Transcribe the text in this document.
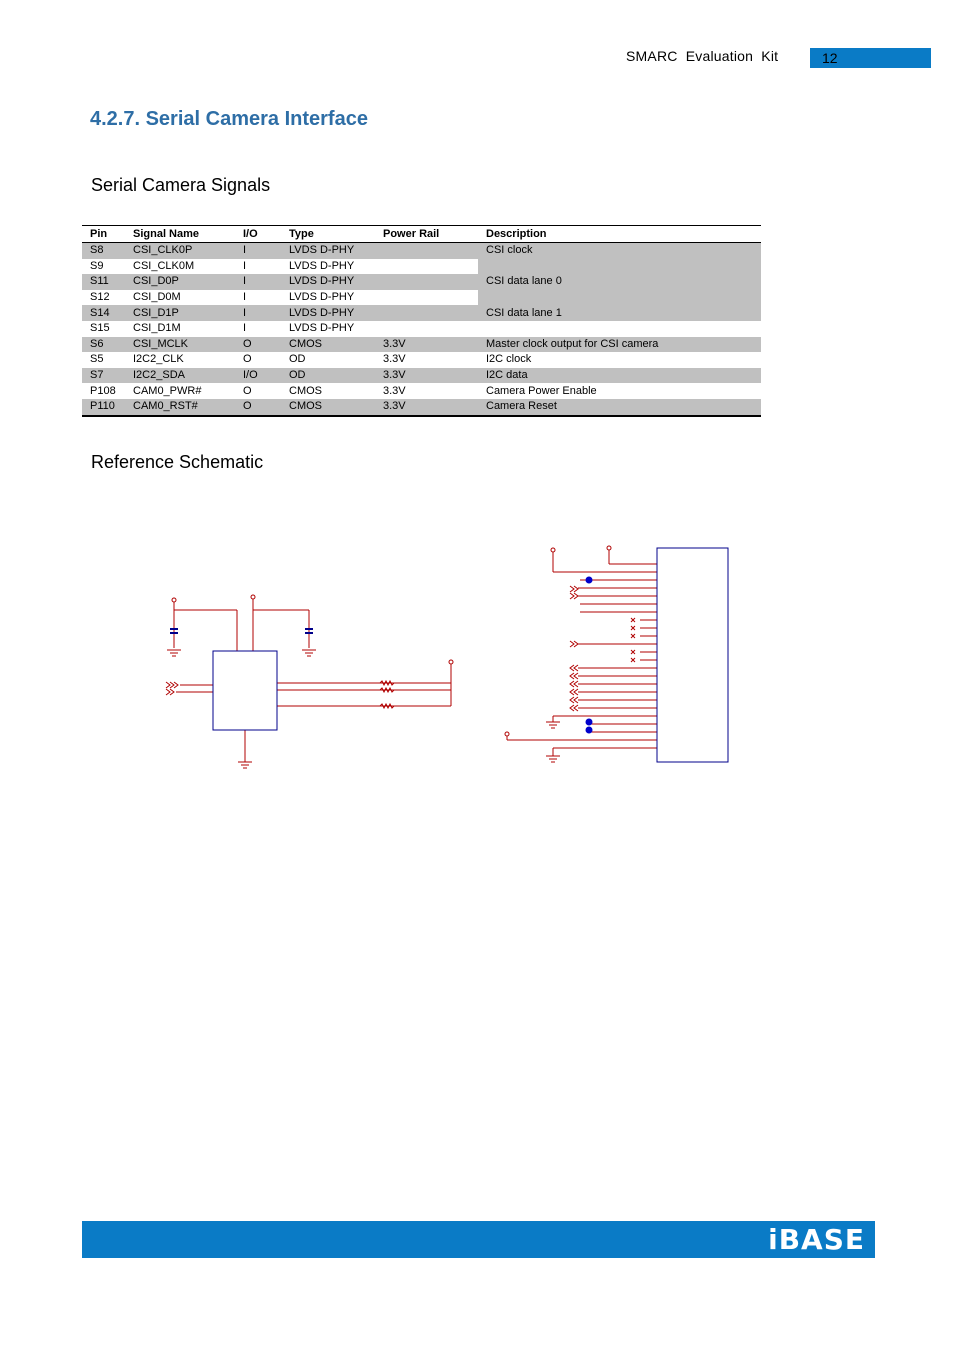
SMARC  Evaluation  Kit	12
4.2.7. Serial Camera Interface
Serial Camera Signals
Pin	Signal Name	I/O	Type	Power Rail	Description
S8	CSI_CLK0P	I	LVDS D-PHY		CSI clock
S9	CSI_CLK0M	I	LVDS D-PHY		
S11	CSI_D0P	I	LVDS D-PHY		CSI data lane 0
S12	CSI_D0M	I	LVDS D-PHY		
S14	CSI_D1P	I	LVDS D-PHY		CSI data lane 1
S15	CSI_D1M	I	LVDS D-PHY		
S6	CSI_MCLK	O	CMOS	3.3V	Master clock output for CSI camera
S5	I2C2_CLK	O	OD	3.3V	I2C clock
S7	I2C2_SDA	I/O	OD	3.3V	I2C data
P108	CAM0_PWR#	O	CMOS	3.3V	Camera Power Enable
P110	CAM0_RST#	O	CMOS	3.3V	Camera Reset
Reference Schematic
iBASE
